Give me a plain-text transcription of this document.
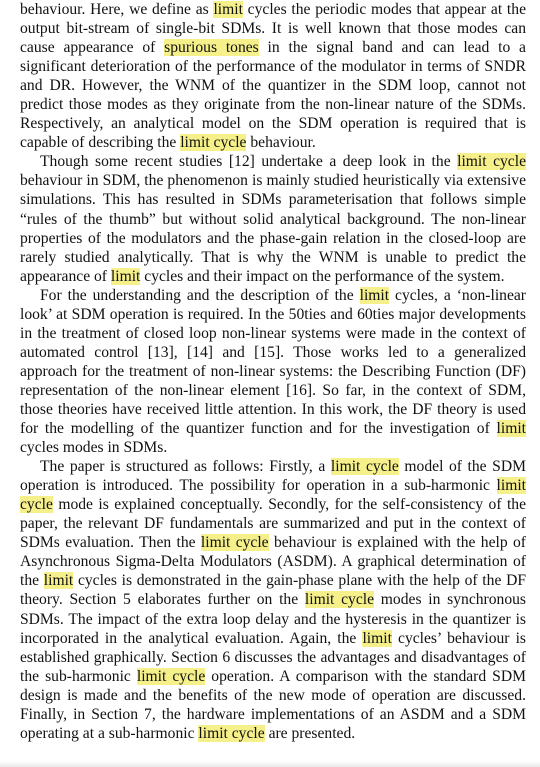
behaviour. Here, we define as limit cycles the periodic modes that appear at the output bit-stream of single-bit SDMs. It is well known that those modes can cause appearance of spurious tones in the signal band and can lead to a significant deterioration of the performance of the modulator in terms of SNDR and DR. However, the WNM of the quantizer in the SDM loop, cannot not predict those modes as they originate from the non-linear nature of the SDMs. Respectively, an analytical model on the SDM operation is required that is capable of describing the limit cycle behaviour.

Though some recent studies [12] undertake a deep look in the limit cycle behaviour in SDM, the phenomenon is mainly studied heuristically via extensive simulations. This has resulted in SDMs parameterisation that follows simple “rules of the thumb” but without solid analytical background. The non-linear properties of the modulators and the phase-gain relation in the closed-loop are rarely studied analytically. That is why the WNM is unable to predict the appearance of limit cycles and their impact on the performance of the system.

For the understanding and the description of the limit cycles, a ‘non-linear look’ at SDM operation is required. In the 50ties and 60ties major developments in the treatment of closed loop non-linear systems were made in the context of automated control [13], [14] and [15]. Those works led to a generalized approach for the treatment of non-linear systems: the Describing Function (DF) representation of the non-linear element [16]. So far, in the context of SDM, those theories have received little attention. In this work, the DF theory is used for the modelling of the quantizer function and for the investigation of limit cycles modes in SDMs.

The paper is structured as follows: Firstly, a limit cycle model of the SDM operation is introduced. The possibility for operation in a sub-harmonic limit cycle mode is explained conceptually. Secondly, for the self-consistency of the paper, the relevant DF fundamentals are summarized and put in the context of SDMs evaluation. Then the limit cycle behaviour is explained with the help of Asynchronous Sigma-Delta Modulators (ASDM). A graphical determination of the limit cycles is demonstrated in the gain-phase plane with the help of the DF theory. Section 5 elaborates further on the limit cycle modes in synchronous SDMs. The impact of the extra loop delay and the hysteresis in the quantizer is incorporated in the analytical evaluation. Again, the limit cycles’ behaviour is established graphically. Section 6 discusses the advantages and disadvantages of the sub-harmonic limit cycle operation. A comparison with the standard SDM design is made and the benefits of the new mode of operation are discussed. Finally, in Section 7, the hardware implementations of an ASDM and a SDM operating at a sub-harmonic limit cycle are presented.
